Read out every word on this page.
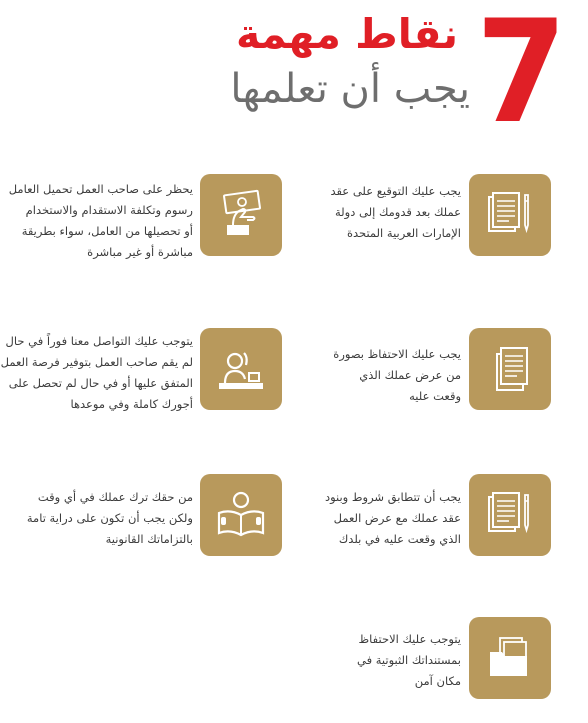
7
نقاط مهمة
يجب أن تعلمها
يجب عليك التوقيع على عقد
عملك بعد قدومك إلى دولة
الإمارات العربية المتحدة
يحظر على صاحب العمل تحميل العامل
رسوم وتكلفة الاستقدام والاستخدام
أو تحصيلها من العامل، سواء بطريقة
مباشرة أو غير مباشرة
يجب عليك الاحتفاظ بصورة
من عرض عملك الذي
وقعت عليه
يتوجب عليك التواصل معنا فوراً في حال
لم يقم صاحب العمل بتوفير فرصة العمل
المتفق عليها أو في حال لم تحصل على
أجورك كاملة وفي موعدها
يجب أن تتطابق شروط وبنود
عقد عملك مع عرض العمل
الذي وقعت عليه في بلدك
من حقك ترك عملك في أي وقت
ولكن يجب أن تكون على دراية تامة
بالتزاماتك القانونية
يتوجب عليك الاحتفاظ
بمستنداتك الثبوتية في
مكان آمن
